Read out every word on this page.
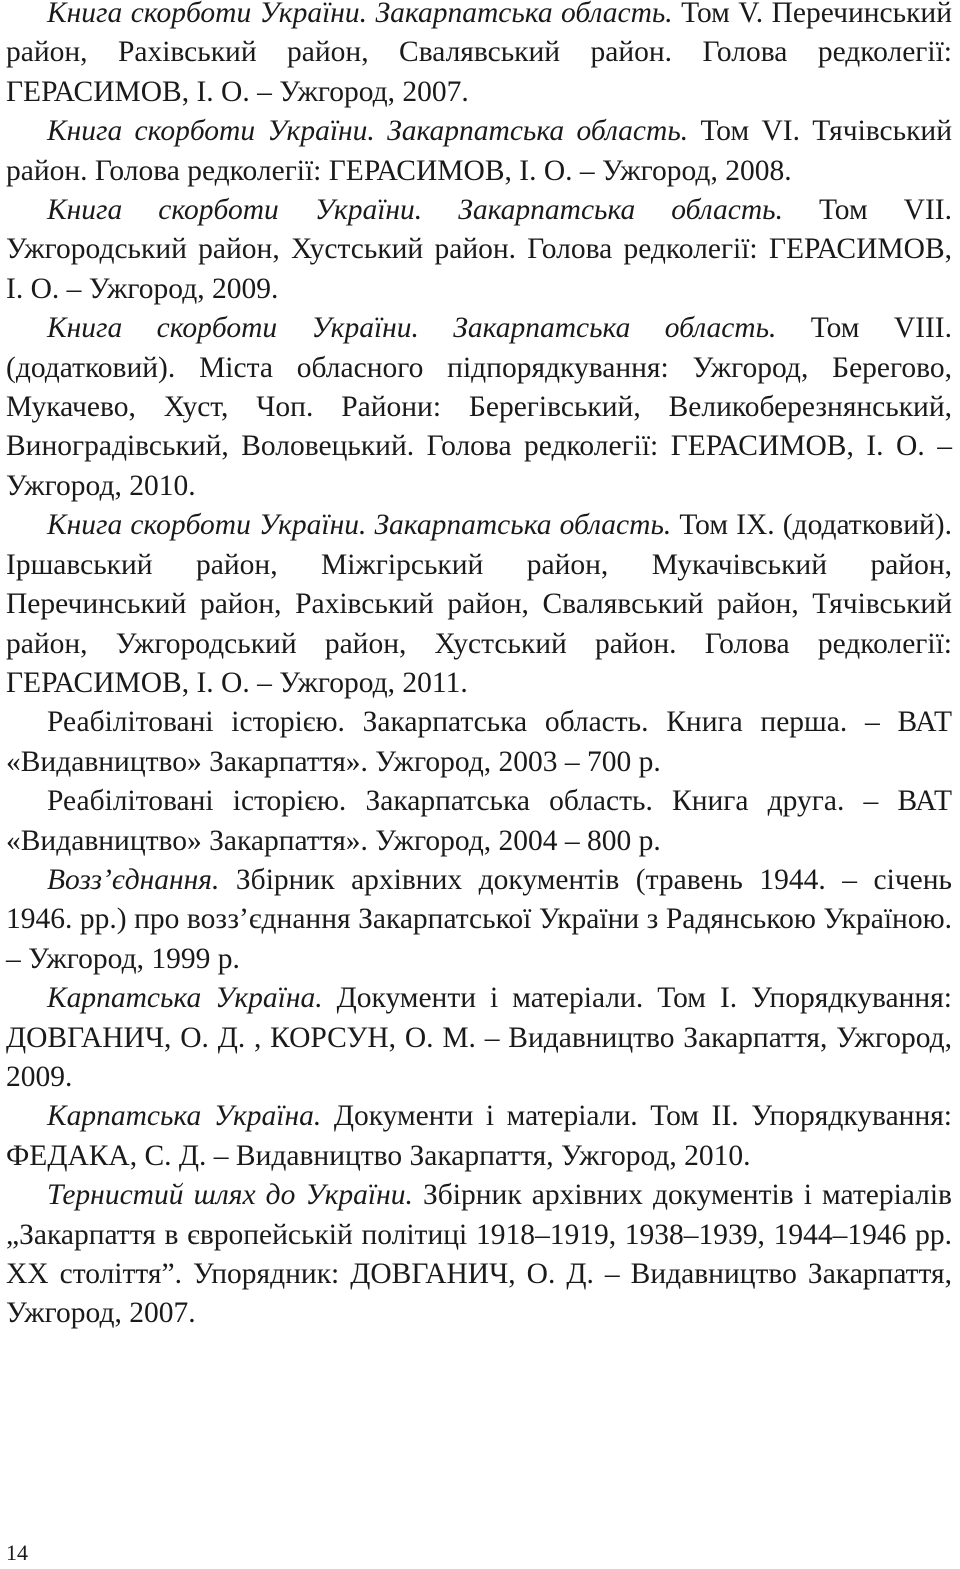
Книга скорботи України. Закарпатська область. Том V. Перечинський район, Рахівський район, Свалявський район. Голова редколегії: ГЕРАСИМОВ, І. О. – Ужгород, 2007.

Книга скорботи України. Закарпатська область. Том VI. Тячівський район. Голова редколегії: ГЕРАСИМОВ, І. О. – Ужгород, 2008.

Книга скорботи України. Закарпатська область. Том VII. Ужгородський район, Хустський район. Голова редколегії: ГЕРАСИМОВ, І. О. – Ужгород, 2009.

Книга скорботи України. Закарпатська область. Том VIII. (додатковий). Міста обласного підпорядкування: Ужгород, Берегово, Мукачево, Хуст, Чоп. Райони: Берегівський, Великоберезнянський, Виноградівський, Воловецький. Голова редколегії: ГЕРАСИМОВ, І. О. – Ужгород, 2010.

Книга скорботи України. Закарпатська область. Том IX. (додатковий). Іршавський район, Міжгірський район, Мукачівський район, Перечинський район, Рахівський район, Свалявський район, Тячівський район, Ужгородський район, Хустський район. Голова редколегії: ГЕРАСИМОВ, І. О. – Ужгород, 2011.

Реабілітовані історією. Закарпатська область. Книга перша. – ВАТ «Видавництво» Закарпаття». Ужгород, 2003 – 700 р.

Реабілітовані історією. Закарпатська область. Книга друга. – ВАТ «Видавництво» Закарпаття». Ужгород, 2004 – 800 р.

Возз’єднання. Збірник архівних документів (травень 1944. – січень 1946. рр.) про возз’єднання Закарпатської України з Радянською Україною. – Ужгород, 1999 р.

Карпатська Україна. Документи і матеріали. Том І. Упорядкування: ДОВГАНИЧ, О. Д. , КОРСУН, О. М. – Видавництво Закарпаття, Ужгород, 2009.

Карпатська Україна. Документи і матеріали. Том ІІ. Упорядкування: ФЕДАКА, С. Д. – Видавництво Закарпаття, Ужгород, 2010.

Тернистий шлях до України. Збірник архівних документів і матеріалів „Закарпаття в європейській політиці 1918–1919, 1938–1939, 1944–1946 рр. ХХ століття”. Упорядник: ДОВГАНИЧ, О. Д. – Видавництво Закарпаття, Ужгород, 2007.

14
